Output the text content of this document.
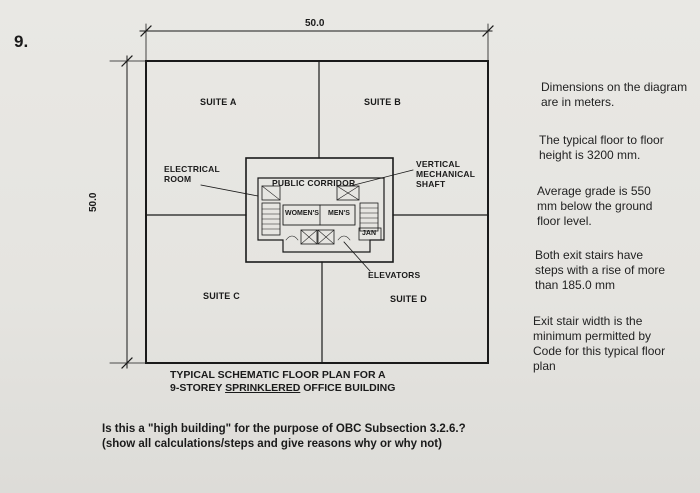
9.
50.0
50.0
SUITE A	SUITE B
SUITE C	SUITE D
ELECTRICAL
ROOM	PUBLIC CORRIDOR
VERTICAL
MECHANICAL
SHAFT
WOMEN'S MEN'S
JAN
ELEVATORS
TYPICAL SCHEMATIC FLOOR PLAN FOR A
9-STOREY SPRINKLERED OFFICE BUILDING
Dimensions on the diagram are in meters.
The typical floor to floor height is 3200 mm.
Average grade is 550 mm below the ground floor level.
Both exit stairs have steps with a rise of more than 185.0 mm
Exit stair width is the minimum permitted by Code for this typical floor plan
Is this a "high building" for the purpose of OBC Subsection 3.2.6.?
(show all calculations/steps and give reasons why or why not)
